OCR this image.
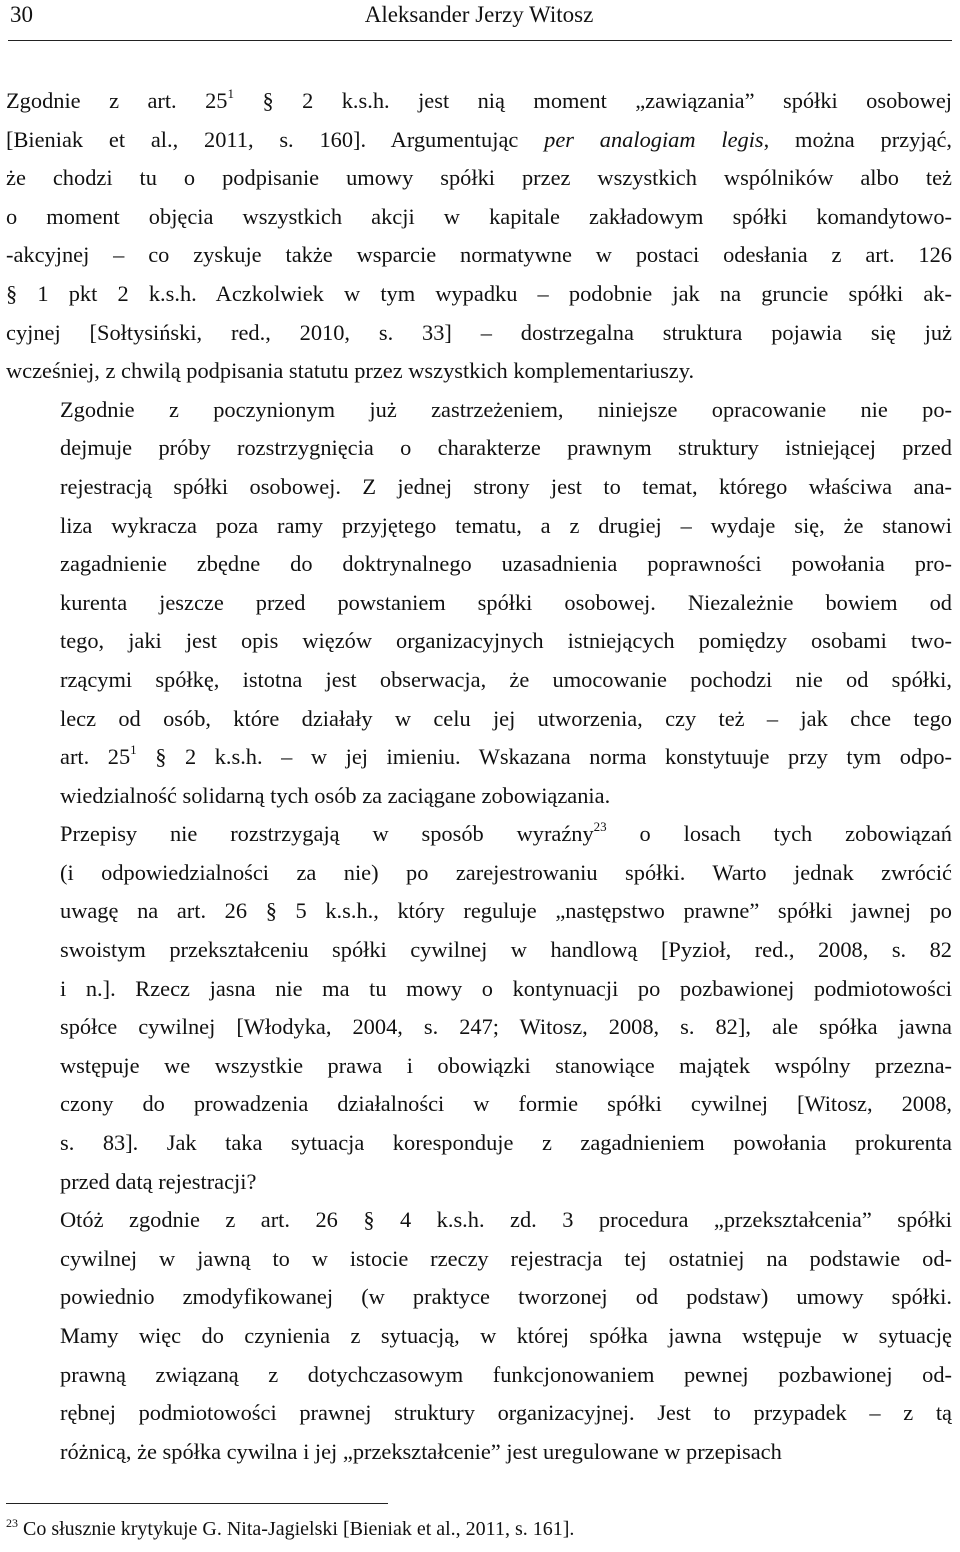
30	Aleksander Jerzy Witosz

Zgodnie z art. $25^1$ § 2 k.s.h. jest nią moment „zawiązania” spółki osobowej
[Bieniak et al., 2011, s. 160]. Argumentując per analogiam legis, można przyjąć,
że chodzi tu o podpisanie umowy spółki przez wszystkich wspólników albo też
o moment objęcia wszystkich akcji w kapitale zakładowym spółki komandytowo-
-akcyjnej – co zyskuje także wsparcie normatywne w postaci odesłania z art. 126
§ 1 pkt 2 k.s.h. Aczkolwiek w tym wypadku – podobnie jak na gruncie spółki ak-
cyjnej [Sołtysiński, red., 2010, s. 33] – dostrzegalna struktura pojawia się już
wcześniej, z chwilą podpisania statutu przez wszystkich komplementariuszy.

Zgodnie z poczynionym już zastrzeżeniem, niniejsze opracowanie nie po-
dejmuje próby rozstrzygnięcia o charakterze prawnym struktury istniejącej przed
rejestracją spółki osobowej. Z jednej strony jest to temat, którego właściwa ana-
liza wykracza poza ramy przyjętego tematu, a z drugiej – wydaje się, że stanowi
zagadnienie zbędne do doktrynalnego uzasadnienia poprawności powołania pro-
kurenta jeszcze przed powstaniem spółki osobowej. Niezależnie bowiem od
tego, jaki jest opis więzów organizacyjnych istniejących pomiędzy osobami two-
rzącymi spółkę, istotna jest obserwacja, że umocowanie pochodzi nie od spółki,
lecz od osób, które działały w celu jej utworzenia, czy też – jak chce tego
art. $25^1$ § 2 k.s.h. – w jej imieniu. Wskazana norma konstytuuje przy tym odpo-
wiedzialność solidarną tych osób za zaciągane zobowiązania.

Przepisy nie rozstrzygają w sposób wyraźny$^{23}$ o losach tych zobowiązań
(i odpowiedzialności za nie) po zarejestrowaniu spółki. Warto jednak zwrócić
uwagę na art. 26 § 5 k.s.h., który reguluje „następstwo prawne” spółki jawnej po
swoistym przekształceniu spółki cywilnej w handlową [Pyzioł, red., 2008, s. 82
i n.]. Rzecz jasna nie ma tu mowy o kontynuacji po pozbawionej podmiotowości
spółce cywilnej [Włodyka, 2004, s. 247; Witosz, 2008, s. 82], ale spółka jawna
wstępuje we wszystkie prawa i obowiązki stanowiące majątek wspólny przezna-
czony do prowadzenia działalności w formie spółki cywilnej [Witosz, 2008,
s. 83]. Jak taka sytuacja koresponduje z zagadnieniem powołania prokurenta
przed datą rejestracji?

Otóż zgodnie z art. 26 § 4 k.s.h. zd. 3 procedura „przekształcenia” spółki
cywilnej w jawną to w istocie rzeczy rejestracja tej ostatniej na podstawie od-
powiednio zmodyfikowanej (w praktyce tworzonej od podstaw) umowy spółki.
Mamy więc do czynienia z sytuacją, w której spółka jawna wstępuje w sytuację
prawną związaną z dotychczasowym funkcjonowaniem pewnej pozbawionej od-
rębnej podmiotowości prawnej struktury organizacyjnej. Jest to przypadek – z tą
różnicą, że spółka cywilna i jej „przekształcenie” jest uregulowane w przepisach

$^{23}$ Co słusznie krytykuje G. Nita-Jagielski [Bieniak et al., 2011, s. 161].
